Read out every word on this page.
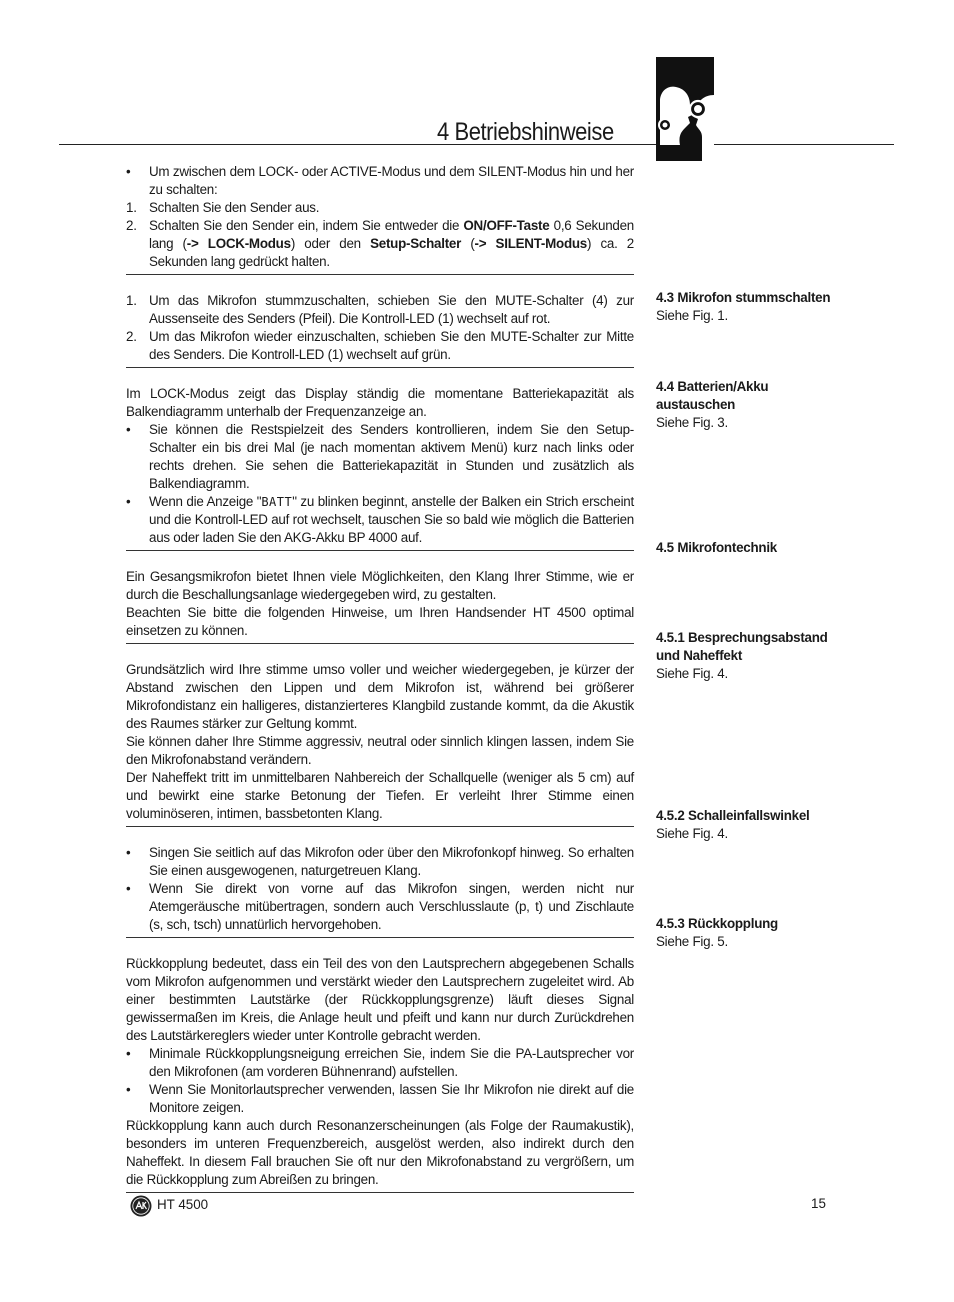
4 Betriebshinweise
•	Um zwischen dem LOCK- oder ACTIVE-Modus und dem SILENT-Modus hin und her zu schalten:
1. Schalten Sie den Sender aus.
2. Schalten Sie den Sender ein, indem Sie entweder die ON/OFF-Taste 0,6 Sekunden lang (-> LOCK-Modus) oder den Setup-Schalter (-> SILENT-Modus) ca. 2 Sekunden lang gedrückt halten.
1. Um das Mikrofon stummzuschalten, schieben Sie den MUTE-Schalter (4) zur Aussenseite des Senders (Pfeil). Die Kontroll-LED (1) wechselt auf rot.
2. Um das Mikrofon wieder einzuschalten, schieben Sie den MUTE-Schalter zur Mitte des Senders. Die Kontroll-LED (1) wechselt auf grün.

Im LOCK-Modus zeigt das Display ständig die momentane Batteriekapazität als Balkendiagramm unterhalb der Frequenzanzeige an.

•	Sie können die Restspielzeit des Senders kontrollieren, indem Sie den Setup-Schalter ein bis drei Mal (je nach momentan aktivem Menü) kurz nach links oder rechts drehen. Sie sehen die Batteriekapazität in Stunden und zusätzlich als Balkendiagramm.
•	Wenn die Anzeige "BATT" zu blinken beginnt, anstelle der Balken ein Strich erscheint und die Kontroll-LED auf rot wechselt, tauschen Sie so bald wie möglich die Batterien aus oder laden Sie den AKG-Akku BP 4000 auf.

Ein Gesangsmikrofon bietet Ihnen viele Möglichkeiten, den Klang Ihrer Stimme, wie er durch die Beschallungsanlage wiedergegeben wird, zu gestalten.

Beachten Sie bitte die folgenden Hinweise, um Ihren Handsender HT 4500 optimal einsetzen zu können.

Grundsätzlich wird Ihre stimme umso voller und weicher wiedergegeben, je kürzer der Abstand zwischen den Lippen und dem Mikrofon ist, während bei größerer Mikrofondistanz ein halligeres, distanzierteres Klangbild zustande kommt, da die Akustik des Raumes stärker zur Geltung kommt.

Sie können daher Ihre Stimme aggressiv, neutral oder sinnlich klingen lassen, indem Sie den Mikrofonabstand verändern.

Der Naheffekt tritt im unmittelbaren Nahbereich der Schallquelle (weniger als 5 cm) auf und bewirkt eine starke Betonung der Tiefen. Er verleiht Ihrer Stimme einen voluminöseren, intimen, bassbetonten Klang.

•	Singen Sie seitlich auf das Mikrofon oder über den Mikrofonkopf hinweg. So erhalten Sie einen ausgewogenen, naturgetreuen Klang.
•	Wenn Sie direkt von vorne auf das Mikrofon singen, werden nicht nur Atemgeräusche mitübertragen, sondern auch Verschlusslaute (p, t) und Zischlaute (s, sch, tsch) unnatürlich hervorgehoben.

Rückkopplung bedeutet, dass ein Teil des von den Lautsprechern abgegebenen Schalls vom Mikrofon aufgenommen und verstärkt wieder den Lautsprechern zugeleitet wird. Ab einer bestimmten Lautstärke (der Rückkopplungsgrenze) läuft dieses Signal gewissermaßen im Kreis, die Anlage heult und pfeift und kann nur durch Zurückdrehen des Lautstärkereglers wieder unter Kontrolle gebracht werden.

•	Minimale Rückkopplungsneigung erreichen Sie, indem Sie die PA-Lautsprecher vor den Mikrofonen (am vorderen Bühnenrand) aufstellen.
•	Wenn Sie Monitorlautsprecher verwenden, lassen Sie Ihr Mikrofon nie direkt auf die Monitore zeigen.

Rückkopplung kann auch durch Resonanzerscheinungen (als Folge der Raumakustik), besonders im unteren Frequenzbereich, ausgelöst werden, also indirekt durch den Naheffekt. In diesem Fall brauchen Sie oft nur den Mikrofonabstand zu vergrößern, um die Rückkopplung zum Abreißen zu bringen.

4.3 Mikrofon stummschalten
Siehe Fig. 1.
4.4 Batterien/Akku austauschen
Siehe Fig. 3.
4.5 Mikrofontechnik
4.5.1 Besprechungsabstand und Naheffekt
Siehe Fig. 4.
4.5.2 Schalleinfallswinkel
Siehe Fig. 4.
4.5.3 Rückkopplung
Siehe Fig. 5.
HT 4500	15
